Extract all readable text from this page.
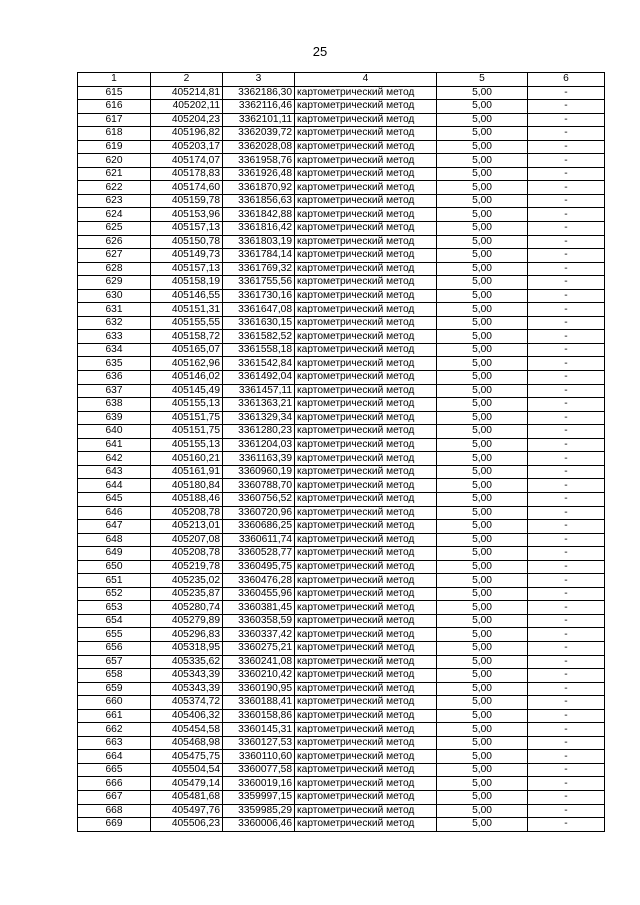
25
1	2	3	4	5	6
615	405214,81	3362186,30	картометрический метод	5,00	-
616	405202,11	3362116,46	картометрический метод	5,00	-
617	405204,23	3362101,11	картометрический метод	5,00	-
618	405196,82	3362039,72	картометрический метод	5,00	-
619	405203,17	3362028,08	картометрический метод	5,00	-
620	405174,07	3361958,76	картометрический метод	5,00	-
621	405178,83	3361926,48	картометрический метод	5,00	-
622	405174,60	3361870,92	картометрический метод	5,00	-
623	405159,78	3361856,63	картометрический метод	5,00	-
624	405153,96	3361842,88	картометрический метод	5,00	-
625	405157,13	3361816,42	картометрический метод	5,00	-
626	405150,78	3361803,19	картометрический метод	5,00	-
627	405149,73	3361784,14	картометрический метод	5,00	-
628	405157,13	3361769,32	картометрический метод	5,00	-
629	405158,19	3361755,56	картометрический метод	5,00	-
630	405146,55	3361730,16	картометрический метод	5,00	-
631	405151,31	3361647,08	картометрический метод	5,00	-
632	405155,55	3361630,15	картометрический метод	5,00	-
633	405158,72	3361582,52	картометрический метод	5,00	-
634	405165,07	3361558,18	картометрический метод	5,00	-
635	405162,96	3361542,84	картометрический метод	5,00	-
636	405146,02	3361492,04	картометрический метод	5,00	-
637	405145,49	3361457,11	картометрический метод	5,00	-
638	405155,13	3361363,21	картометрический метод	5,00	-
639	405151,75	3361329,34	картометрический метод	5,00	-
640	405151,75	3361280,23	картометрический метод	5,00	-
641	405155,13	3361204,03	картометрический метод	5,00	-
642	405160,21	3361163,39	картометрический метод	5,00	-
643	405161,91	3360960,19	картометрический метод	5,00	-
644	405180,84	3360788,70	картометрический метод	5,00	-
645	405188,46	3360756,52	картометрический метод	5,00	-
646	405208,78	3360720,96	картометрический метод	5,00	-
647	405213,01	3360686,25	картометрический метод	5,00	-
648	405207,08	3360611,74	картометрический метод	5,00	-
649	405208,78	3360528,77	картометрический метод	5,00	-
650	405219,78	3360495,75	картометрический метод	5,00	-
651	405235,02	3360476,28	картометрический метод	5,00	-
652	405235,87	3360455,96	картометрический метод	5,00	-
653	405280,74	3360381,45	картометрический метод	5,00	-
654	405279,89	3360358,59	картометрический метод	5,00	-
655	405296,83	3360337,42	картометрический метод	5,00	-
656	405318,95	3360275,21	картометрический метод	5,00	-
657	405335,62	3360241,08	картометрический метод	5,00	-
658	405343,39	3360210,42	картометрический метод	5,00	-
659	405343,39	3360190,95	картометрический метод	5,00	-
660	405374,72	3360188,41	картометрический метод	5,00	-
661	405406,32	3360158,86	картометрический метод	5,00	-
662	405454,58	3360145,31	картометрический метод	5,00	-
663	405468,98	3360127,53	картометрический метод	5,00	-
664	405475,75	3360110,60	картометрический метод	5,00	-
665	405504,54	3360077,58	картометрический метод	5,00	-
666	405479,14	3360019,16	картометрический метод	5,00	-
667	405481,68	3359997,15	картометрический метод	5,00	-
668	405497,76	3359985,29	картометрический метод	5,00	-
669	405506,23	3360006,46	картометрический метод	5,00	-
